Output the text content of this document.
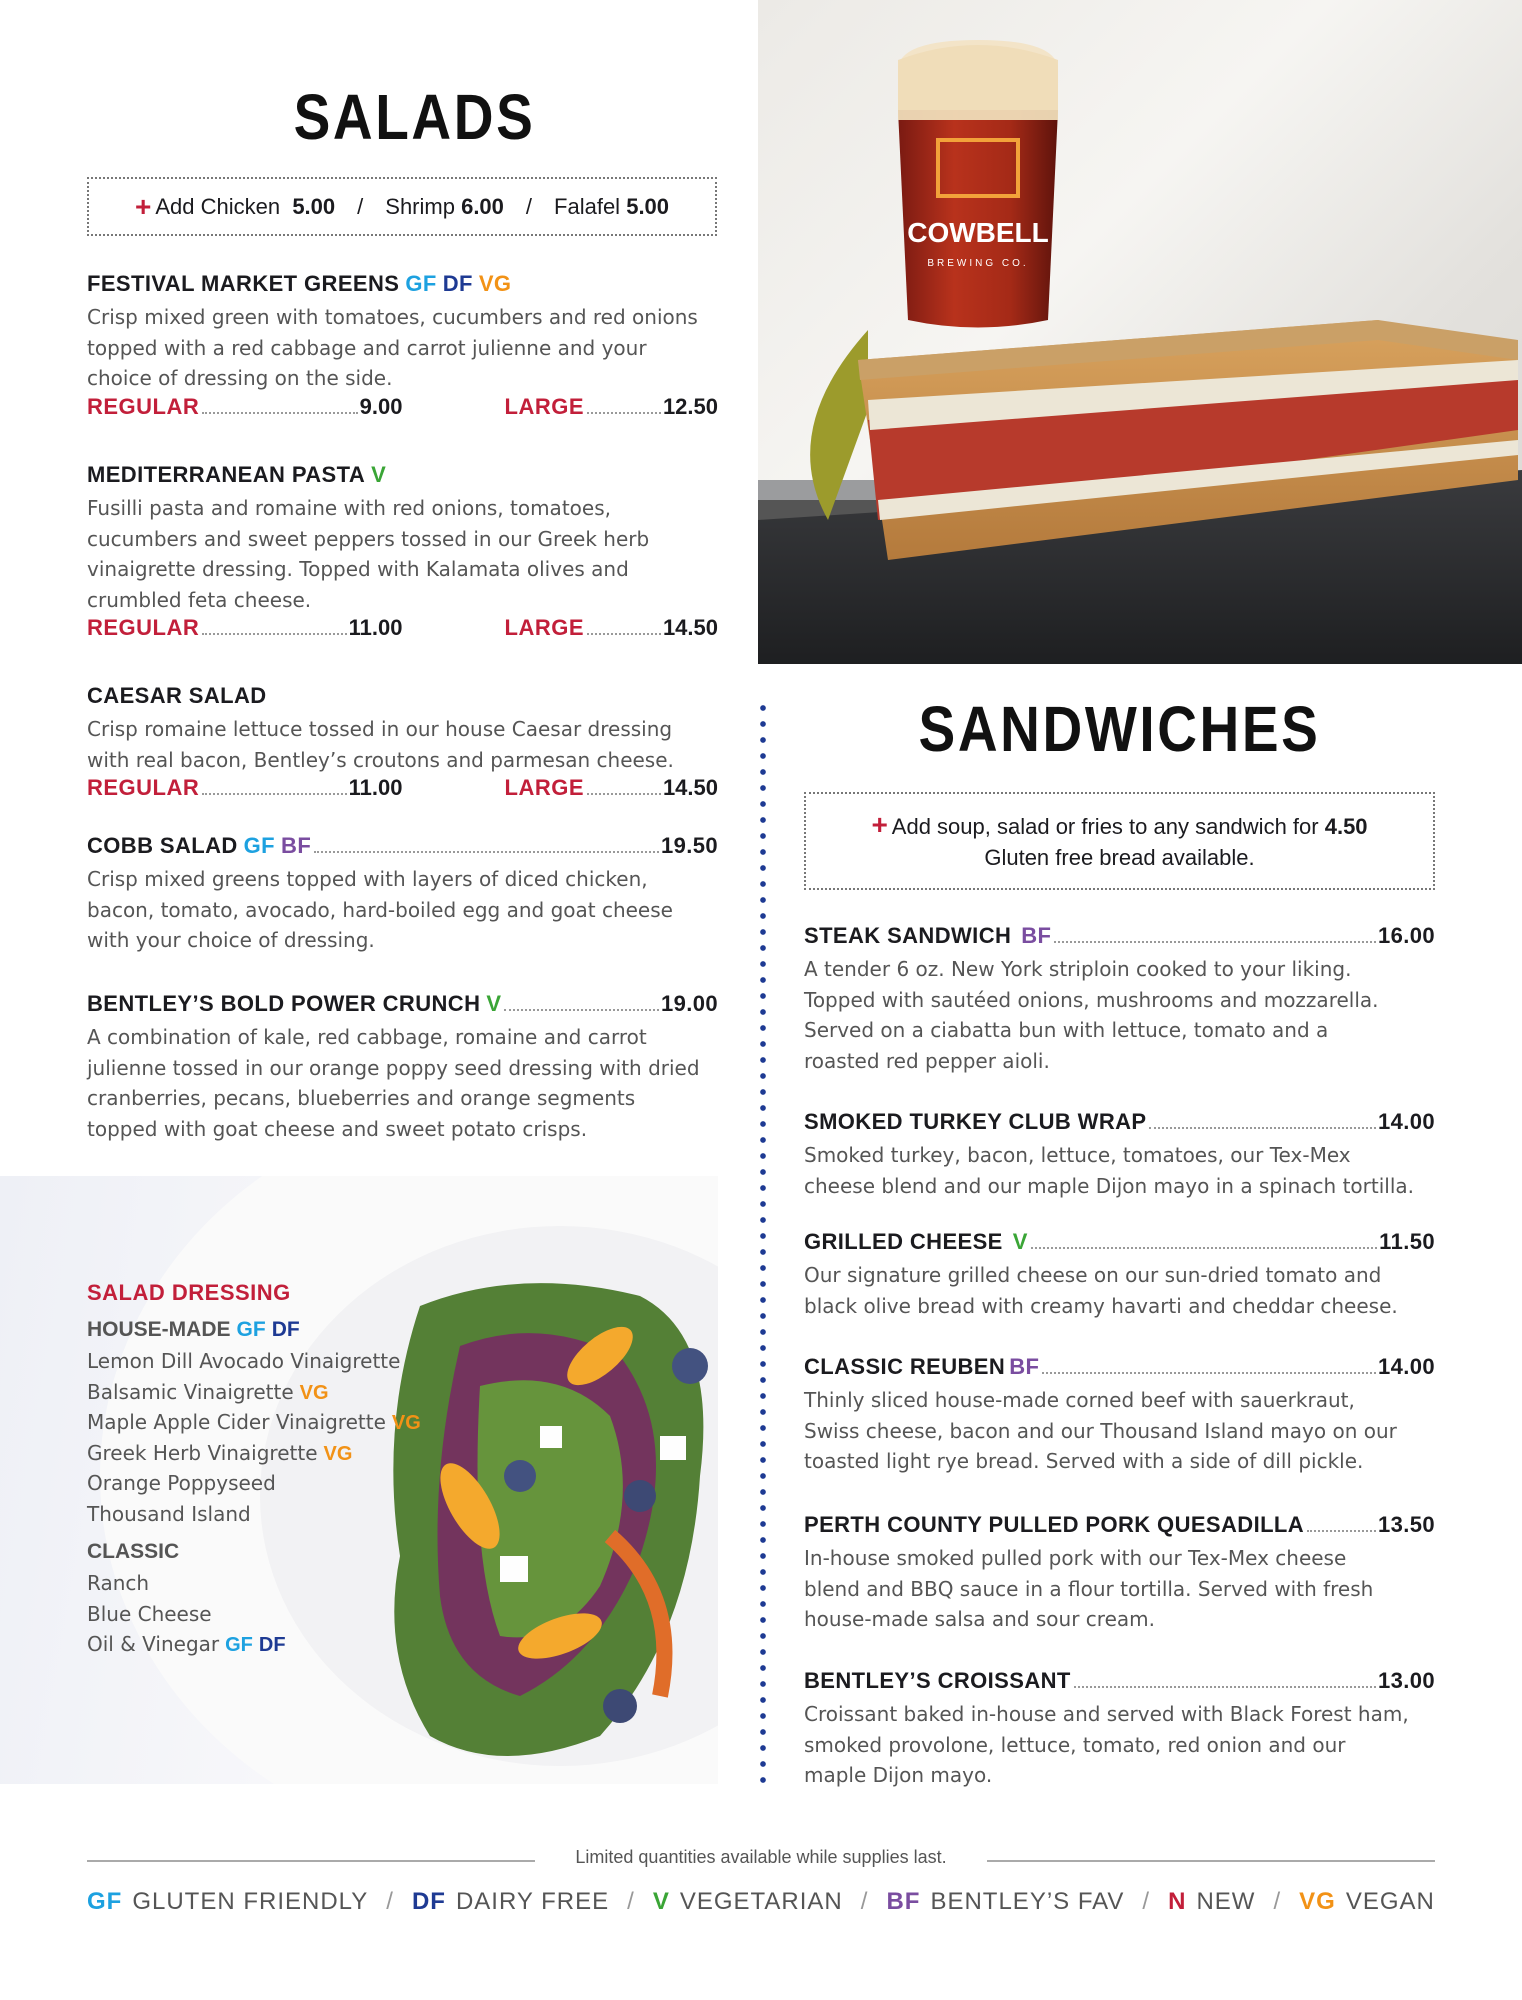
COWBELL
BREWING CO.
SALADS
+ Add Chicken
5.00 / Shrimp
6.00 / Falafel
5.00
FESTIVAL MARKET GREENS GF DF VG
Crisp mixed green with tomatoes, cucumbers and red onions
topped with a red cabbage and carrot julienne and your
choice of dressing on the side.
REGULAR	9.00	LARGE	12.50
MEDITERRANEAN PASTA V
Fusilli pasta and romaine with red onions, tomatoes,
cucumbers and sweet peppers tossed in our Greek herb
vinaigrette dressing. Topped with Kalamata olives and
crumbled feta cheese.
REGULAR	11.00	LARGE	14.50
CAESAR SALAD
Crisp romaine lettuce tossed in our house Caesar dressing
with real bacon, Bentley’s croutons and parmesan cheese.
REGULAR	11.00	LARGE	14.50
COBB SALAD GF BF	19.50
Crisp mixed greens topped with layers of diced chicken,
bacon, tomato, avocado, hard-boiled egg and goat cheese
with your choice of dressing.
BENTLEY’S BOLD POWER CRUNCH V	19.00
A combination of kale, red cabbage, romaine and carrot
julienne tossed in our orange poppy seed dressing with dried
cranberries, pecans, blueberries and orange segments
topped with goat cheese and sweet potato crisps.
SALAD DRESSING
HOUSE-MADE GF DF
Lemon Dill Avocado Vinaigrette
Balsamic Vinaigrette VG
Maple Apple Cider Vinaigrette VG
Greek Herb Vinaigrette VG
Orange Poppyseed
Thousand Island
CLASSIC
Ranch
Blue Cheese
Oil & Vinegar GF DF
SANDWICHES
+ Add soup, salad or fries to any sandwich for 4.50
Gluten free bread available.
STEAK SANDWICH BF	16.00
A tender 6 oz. New York striploin cooked to your liking.
Topped with sautéed onions, mushrooms and mozzarella.
Served on a ciabatta bun with lettuce, tomato and a
roasted red pepper aioli.
SMOKED TURKEY CLUB WRAP	14.00
Smoked turkey, bacon, lettuce, tomatoes, our Tex-Mex
cheese blend and our maple Dijon mayo in a spinach tortilla.
GRILLED CHEESE V	11.50
Our signature grilled cheese on our sun-dried tomato and
black olive bread with creamy havarti and cheddar cheese.
CLASSIC REUBEN BF	14.00
Thinly sliced house-made corned beef with sauerkraut,
Swiss cheese, bacon and our Thousand Island mayo on our
toasted light rye bread. Served with a side of dill pickle.
PERTH COUNTY PULLED PORK QUESADILLA	13.50
In-house smoked pulled pork with our Tex-Mex cheese
blend and BBQ sauce in a flour tortilla. Served with fresh
house-made salsa and sour cream.
BENTLEY’S CROISSANT	13.00
Croissant baked in-house and served with Black Forest ham,
smoked provolone, lettuce, tomato, red onion and our
maple Dijon mayo.
Limited quantities available while supplies last.
GF GLUTEN FRIENDLY / DF DAIRY FREE / V VEGETARIAN / BF BENTLEY’S FAV / N NEW / VG VEGAN
